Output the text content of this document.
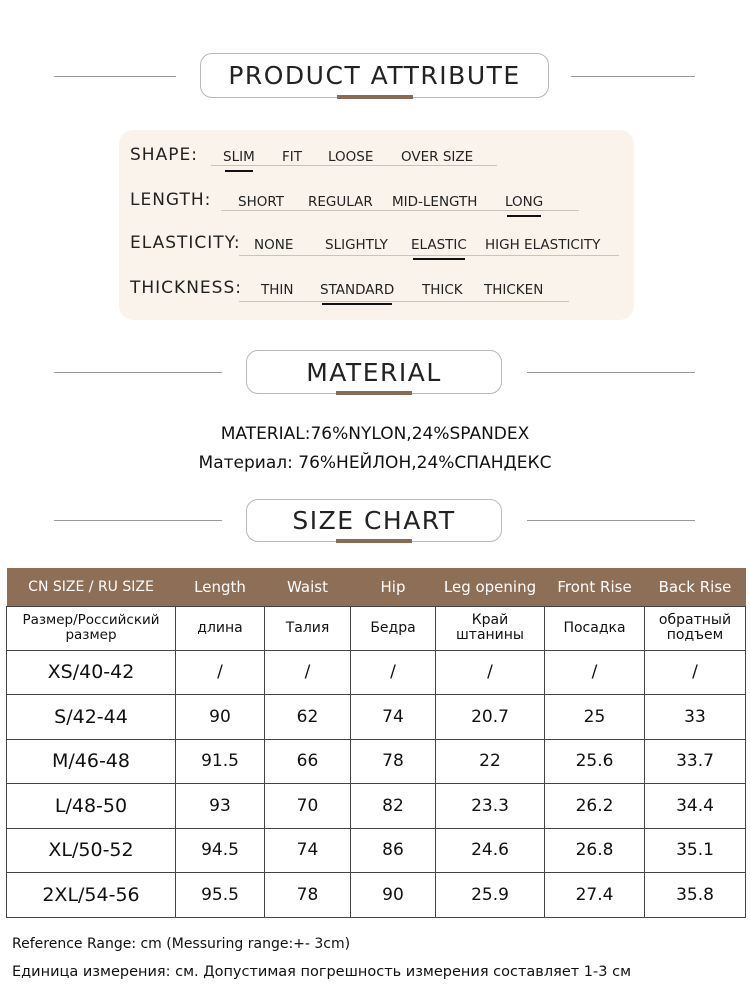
PRODUCT ATTRIBUTE
SHAPE: SLIM FIT LOOSE OVER SIZE
LENGTH: SHORT REGULAR MID-LENGTH LONG
ELASTICITY: NONE SLIGHTLY ELASTIC HIGH ELASTICITY
THICKNESS: THIN STANDARD THICK THICKEN
MATERIAL
MATERIAL:76%NYLON,24%SPANDEX
Материал: 76%НЕЙЛОН,24%СПАНДЕКС
SIZE CHART
CN SIZE / RU SIZE	Length	Waist	Hip	Leg opening	Front Rise	Back Rise
Размер/Российский размер	длина	Талия	Бедра	Край штанины	Посадка	обратный подъем
XS/40-42	/	/	/	/	/	/
S/42-44	90	62	74	20.7	25	33
M/46-48	91.5	66	78	22	25.6	33.7
L/48-50	93	70	82	23.3	26.2	34.4
XL/50-52	94.5	74	86	24.6	26.8	35.1
2XL/54-56	95.5	78	90	25.9	27.4	35.8
Reference Range: cm (Messuring range:+- 3cm)
Единица измерения: см. Допустимая погрешность измерения составляет 1-3 см
